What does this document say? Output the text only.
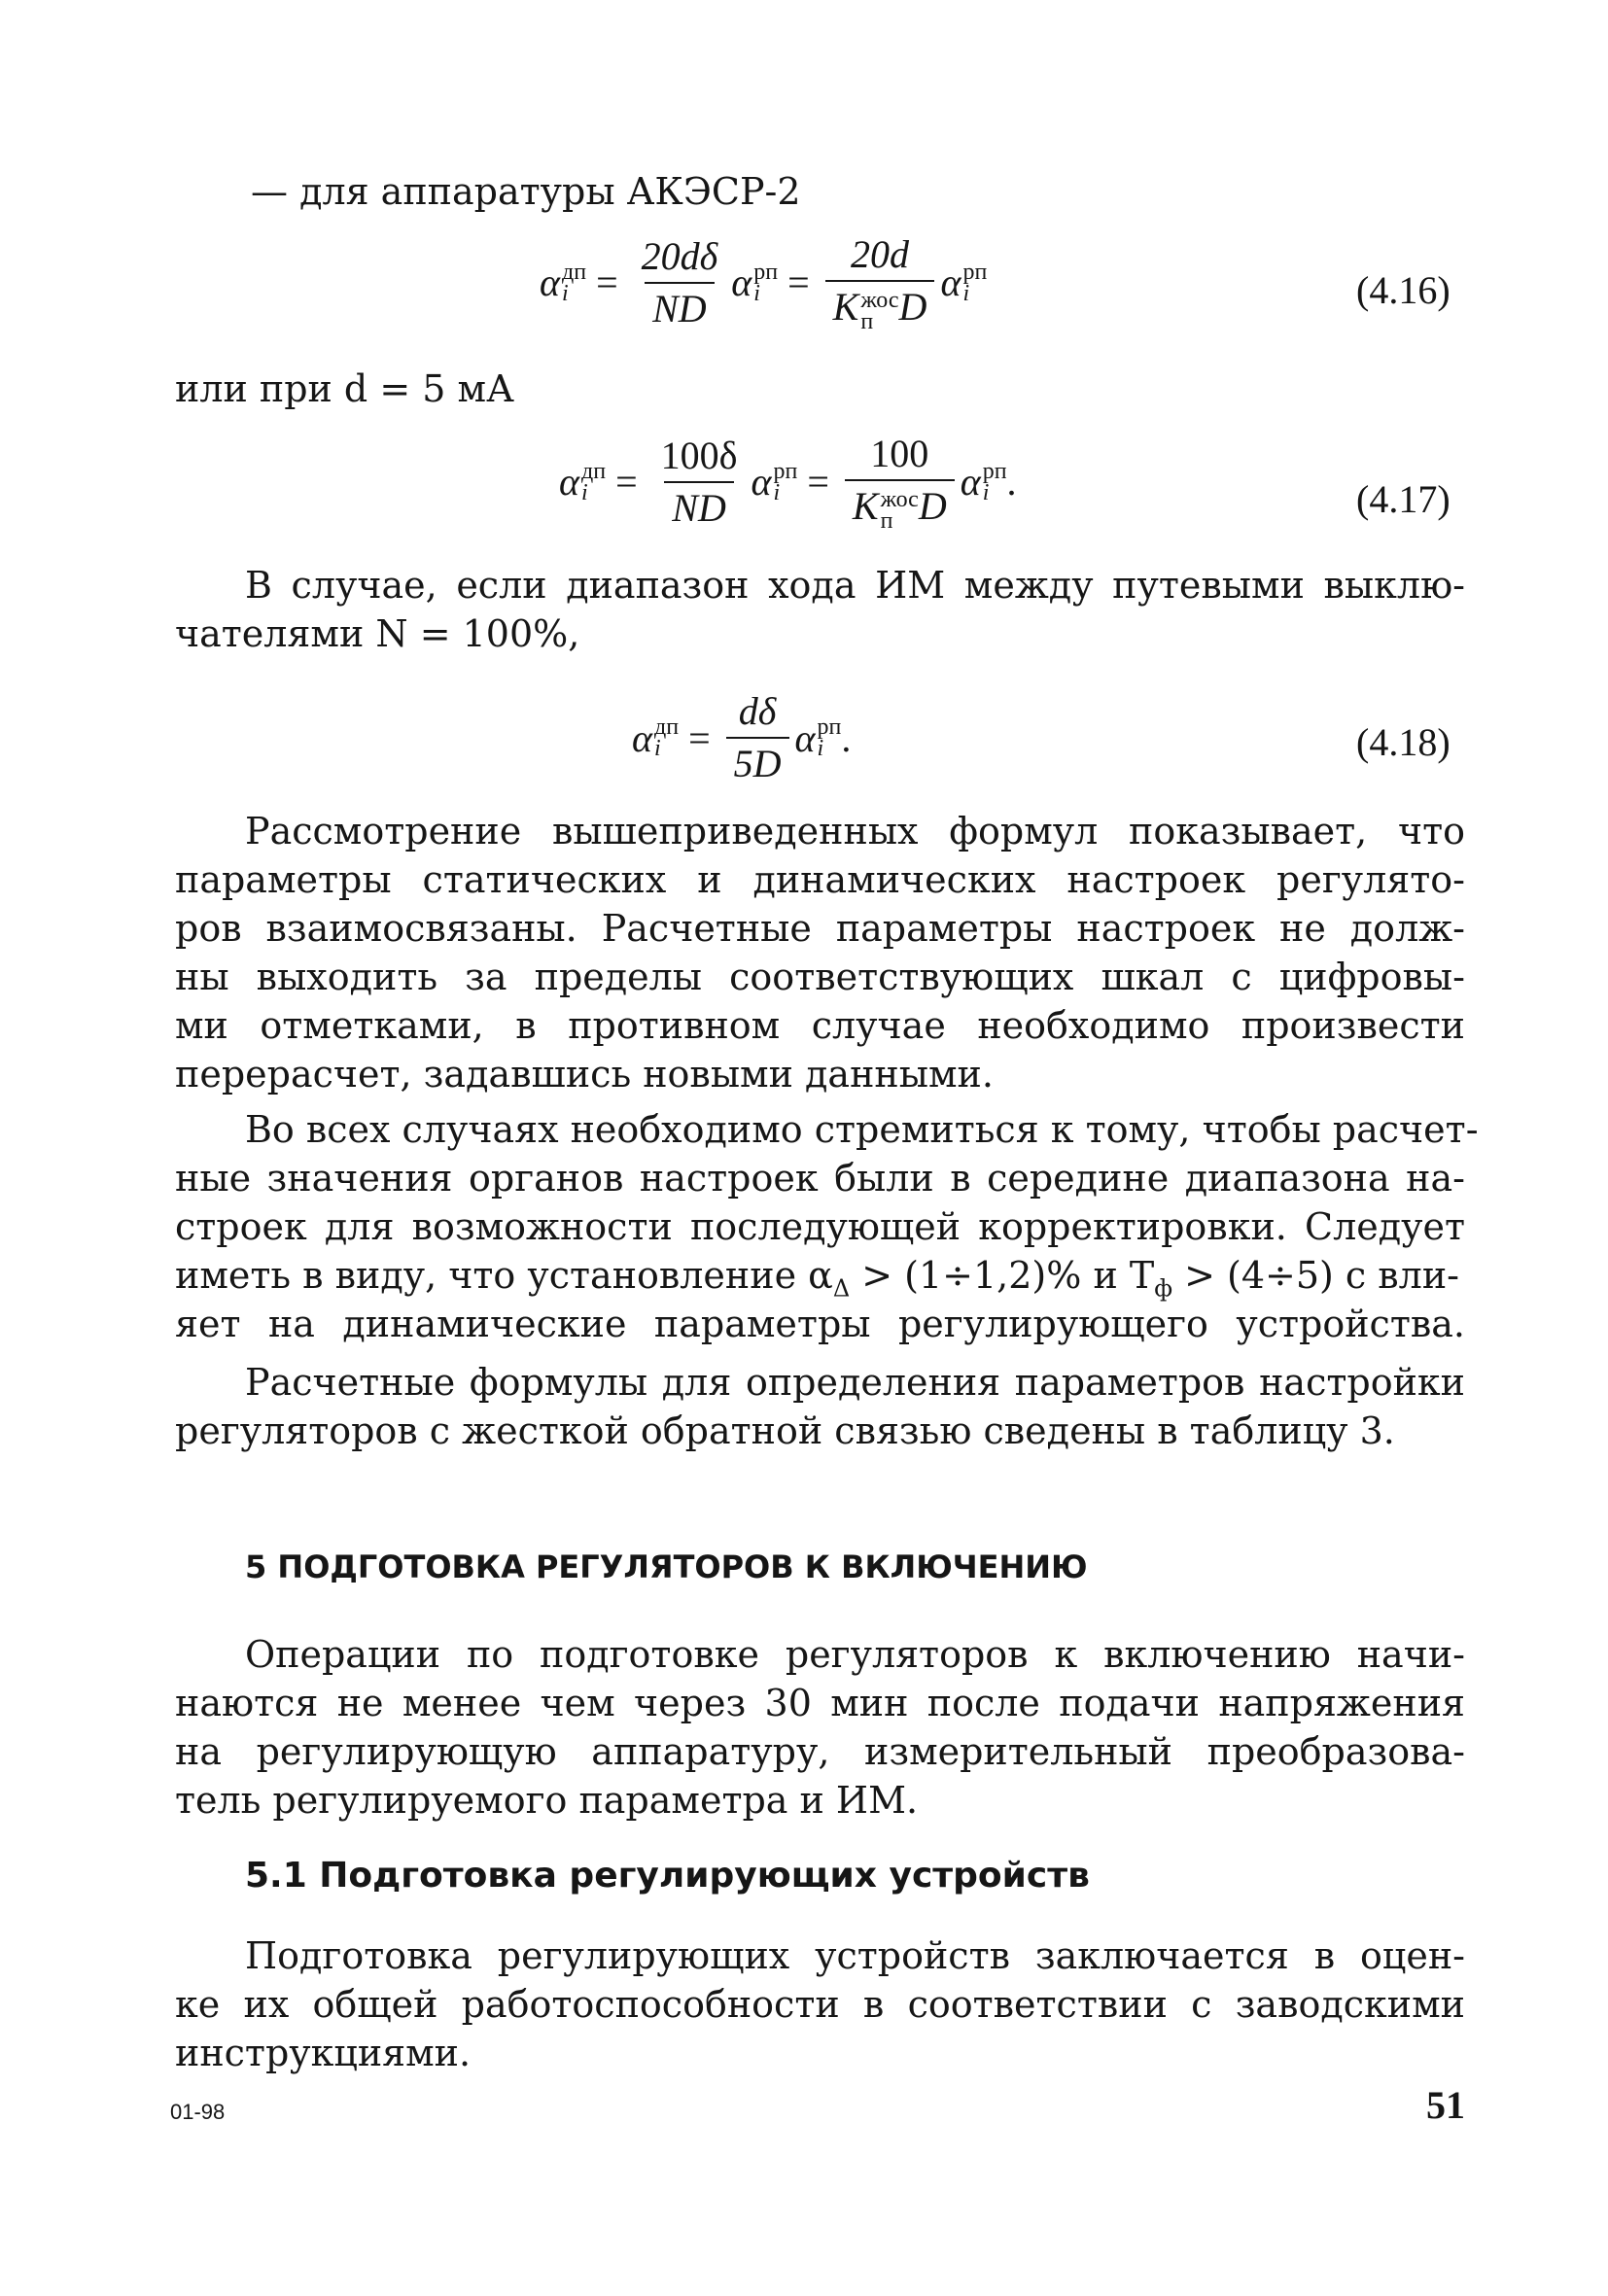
— для аппаратуры АКЭСР-2
α дп
$i = \frac{20d\delta}{ND}$ α рп
i = 20d
K жос
п D α рп
i	(4.16)
или при d = 5 мА
α дп
$i = \frac{100\delta}{ND}$ α рп
i = 100
K жос
п D α рп
i .	(4.17)
В случае, если диапазон хода ИМ между путевыми выклю-
чателями N = 100%,
α дп
$i = \frac{d\delta}{5D}$ α рп
i .	(4.18)
Рассмотрение вышеприведенных формул показывает, что
параметры статических и динамических настроек регулято-
ров взаимосвязаны. Расчетные параметры настроек не долж-
ны выходить за пределы соответствующих шкал с цифровы-
ми отметками, в противном случае необходимо произвести
перерасчет, задавшись новыми данными.
Во всех случаях необходимо стремиться к тому, чтобы расчет-
ные значения органов настроек были в середине диапазона на-
строек для возможности последующей корректировки. Следует
иметь в виду, что установление $\alpha_\Delta > (1\div 1,2)\%$ и $T_ф > (4\div 5)$ с вли-
яет на динамические параметры регулирующего устройства.
Расчетные формулы для определения параметров настройки
регуляторов с жесткой обратной связью сведены в таблицу 3.
5 ПОДГОТОВКА РЕГУЛЯТОРОВ К ВКЛЮЧЕНИЮ
Операции по подготовке регуляторов к включению начи-
наются не менее чем через 30 мин после подачи напряжения
на регулирующую аппаратуру, измерительный преобразова-
тель регулируемого параметра и ИМ.
5.1 Подготовка регулирующих устройств
Подготовка регулирующих устройств заключается в оцен-
ке их общей работоспособности в соответствии с заводскими
инструкциями.
01-98	51
